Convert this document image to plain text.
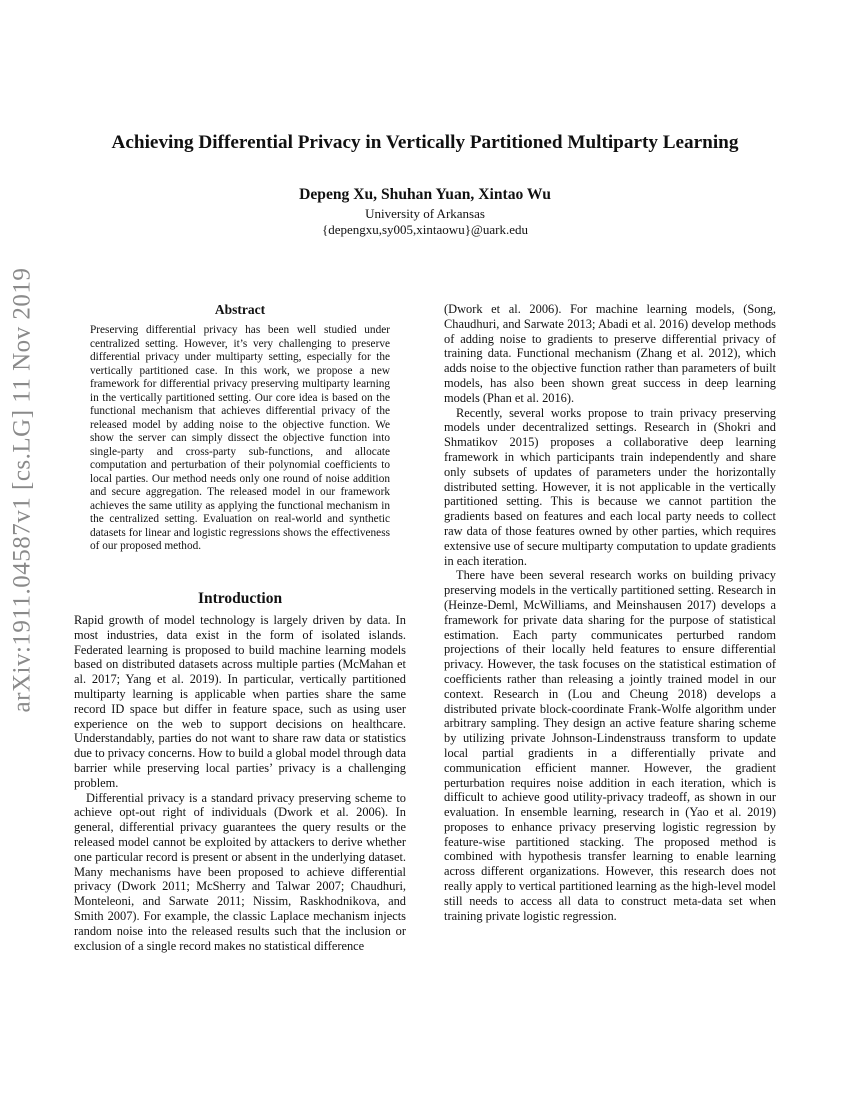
arXiv:1911.04587v1 [cs.LG] 11 Nov 2019
Achieving Differential Privacy in Vertically Partitioned Multiparty Learning
Depeng Xu, Shuhan Yuan, Xintao Wu
University of Arkansas
{depengxu,sy005,xintaowu}@uark.edu
Abstract

Preserving differential privacy has been well studied under centralized setting. However, it’s very challenging to preserve differential privacy under multiparty setting, especially for the vertically partitioned case. In this work, we propose a new framework for differential privacy preserving multiparty learning in the vertically partitioned setting. Our core idea is based on the functional mechanism that achieves differential privacy of the released model by adding noise to the objective function. We show the server can simply dissect the objective function into single-party and cross-party sub-functions, and allocate computation and perturbation of their polynomial coefficients to local parties. Our method needs only one round of noise addition and secure aggregation. The released model in our framework achieves the same utility as applying the functional mechanism in the centralized setting. Evaluation on real-world and synthetic datasets for linear and logistic regressions shows the effectiveness of our proposed method.

Introduction

Rapid growth of model technology is largely driven by data. In most industries, data exist in the form of isolated islands. Federated learning is proposed to build machine learning models based on distributed datasets across multiple parties (McMahan et al. 2017; Yang et al. 2019). In particular, vertically partitioned multiparty learning is applicable when parties share the same record ID space but differ in feature space, such as using user experience on the web to support decisions on healthcare. Understandably, parties do not want to share raw data or statistics due to privacy concerns. How to build a global model through data barrier while preserving local parties’ privacy is a challenging problem.

Differential privacy is a standard privacy preserving scheme to achieve opt-out right of individuals (Dwork et al. 2006). In general, differential privacy guarantees the query results or the released model cannot be exploited by attackers to derive whether one particular record is present or absent in the underlying dataset. Many mechanisms have been proposed to achieve differential privacy (Dwork 2011; McSherry and Talwar 2007; Chaudhuri, Monteleoni, and Sarwate 2011; Nissim, Raskhodnikova, and Smith 2007). For example, the classic Laplace mechanism injects random noise into the released results such that the inclusion or exclusion of a single record makes no statistical difference

(Dwork et al. 2006). For machine learning models, (Song, Chaudhuri, and Sarwate 2013; Abadi et al. 2016) develop methods of adding noise to gradients to preserve differential privacy of training data. Functional mechanism (Zhang et al. 2012), which adds noise to the objective function rather than parameters of built models, has also been shown great success in deep learning models (Phan et al. 2016).

Recently, several works propose to train privacy preserving models under decentralized settings. Research in (Shokri and Shmatikov 2015) proposes a collaborative deep learning framework in which participants train independently and share only subsets of updates of parameters under the horizontally distributed setting. However, it is not applicable in the vertically partitioned setting. This is because we cannot partition the gradients based on features and each local party needs to collect raw data of those features owned by other parties, which requires extensive use of secure multiparty computation to update gradients in each iteration.

There have been several research works on building privacy preserving models in the vertically partitioned setting. Research in (Heinze-Deml, McWilliams, and Meinshausen 2017) develops a framework for private data sharing for the purpose of statistical estimation. Each party communicates perturbed random projections of their locally held features to ensure differential privacy. However, the task focuses on the statistical estimation of coefficients rather than releasing a jointly trained model in our context. Research in (Lou and Cheung 2018) develops a distributed private block-coordinate Frank-Wolfe algorithm under arbitrary sampling. They design an active feature sharing scheme by utilizing private Johnson-Lindenstrauss transform to update local partial gradients in a differentially private and communication efficient manner. However, the gradient perturbation requires noise addition in each iteration, which is difficult to achieve good utility-privacy tradeoff, as shown in our evaluation. In ensemble learning, research in (Yao et al. 2019) proposes to enhance privacy preserving logistic regression by feature-wise partitioned stacking. The proposed method is combined with hypothesis transfer learning to enable learning across different organizations. However, this research does not really apply to vertical partitioned learning as the high-level model still needs to access all data to construct meta-data set when training private logistic regression.
